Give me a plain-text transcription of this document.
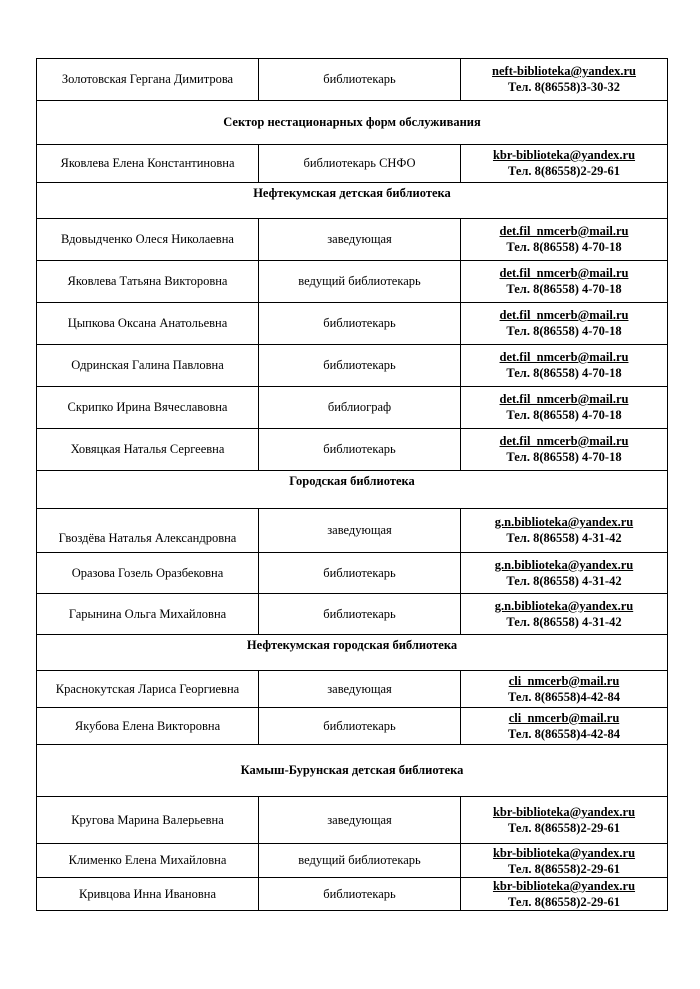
Золотовская Гергана Димитрова	библиотекарь	neft-biblioteka@yandex.ru
Тел. 8(86558)3-30-32

Сектор нестационарных форм обслуживания		
Яковлева Елена Константиновна	библиотекарь СНФО	kbr-biblioteka@yandex.ru
Тел. 8(86558)2-29-61

Нефтекумская детская библиотека		
Вдовыдченко Олеся Николаевна	заведующая	det.fil_nmcerb@mail.ru
Тел. 8(86558) 4-70-18

Яковлева Татьяна Викторовна	ведущий библиотекарь	det.fil_nmcerb@mail.ru
Тел. 8(86558) 4-70-18

Цыпкова Оксана Анатольевна	библиотекарь	det.fil_nmcerb@mail.ru
Тел. 8(86558) 4-70-18

Одринская Галина Павловна	библиотекарь	det.fil_nmcerb@mail.ru
Тел. 8(86558) 4-70-18

Скрипко Ирина Вячеславовна	библиограф	det.fil_nmcerb@mail.ru
Тел. 8(86558) 4-70-18

Ховяцкая Наталья Сергеевна	библиотекарь	det.fil_nmcerb@mail.ru
Тел. 8(86558) 4-70-18

Городская библиотека		
Гвоздёва Наталья Александровна	заведующая	g.n.biblioteka@yandex.ru
Тел. 8(86558) 4-31-42

Оразова Гозель Оразбековна	библиотекарь	g.n.biblioteka@yandex.ru
Тел. 8(86558) 4-31-42

Гарынина Ольга Михайловна	библиотекарь	g.n.biblioteka@yandex.ru
Тел. 8(86558) 4-31-42

Нефтекумская городская библиотека		
Краснокутская Лариса Георгиевна	заведующая	cli_nmcerb@mail.ru
Тел. 8(86558)4-42-84

Якубова Елена Викторовна	библиотекарь	cli_nmcerb@mail.ru
Тел. 8(86558)4-42-84

Камыш-Бурунская детская библиотека		
Кругова Марина Валерьевна	заведующая	kbr-biblioteka@yandex.ru
Тел. 8(86558)2-29-61

Клименко Елена Михайловна	ведущий библиотекарь	kbr-biblioteka@yandex.ru
Тел. 8(86558)2-29-61

Кривцова Инна Ивановна	библиотекарь	kbr-biblioteka@yandex.ru
Тел. 8(86558)2-29-61
